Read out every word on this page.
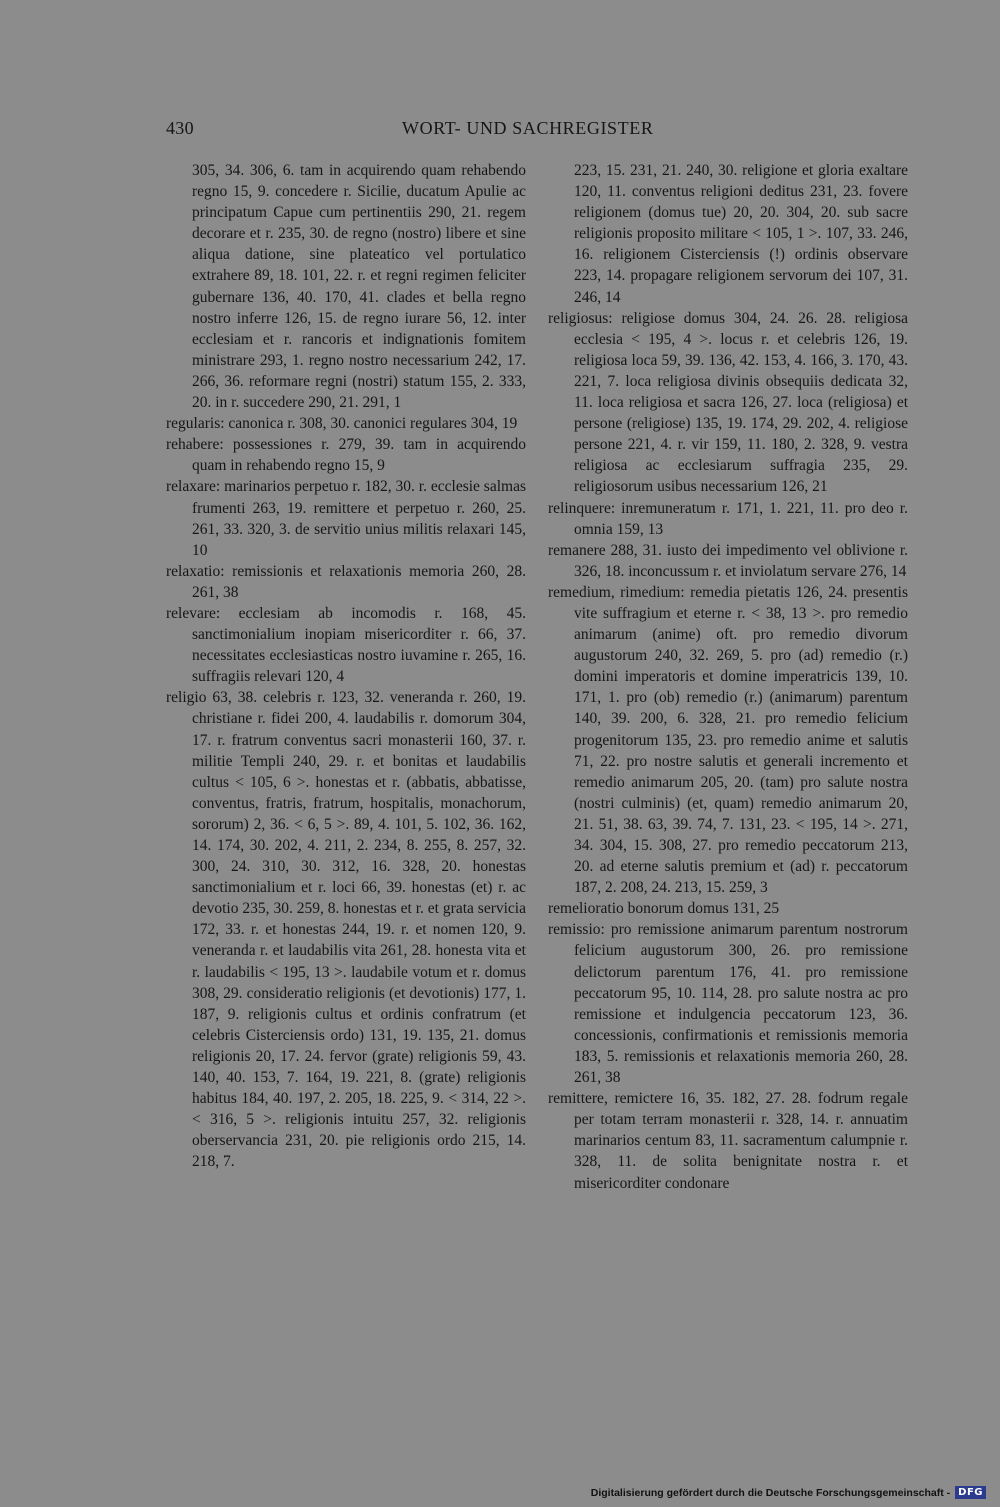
430	WORT- UND SACHREGISTER

305, 34. 306, 6. tam in acquirendo quam rehabendo regno 15, 9. concedere r. Sicilie, ducatum Apulie ac principatum Capue cum pertinentiis 290, 21. regem decorare et r. 235, 30. de regno (nostro) libere et sine aliqua datione, sine plateatico vel portulatico extrahere 89, 18. 101, 22. r. et regni regimen feliciter gubernare 136, 40. 170, 41. clades et bella regno nostro inferre 126, 15. de regno iurare 56, 12. inter ecclesiam et r. rancoris et indignationis fomitem ministrare 293, 1. regno nostro necessarium 242, 17. 266, 36. reformare regni (nostri) statum 155, 2. 333, 20. in r. succedere 290, 21. 291, 1

regularis: canonica r. 308, 30. canonici regulares 304, 19

rehabere: possessiones r. 279, 39. tam in acquirendo quam in rehabendo regno 15, 9

relaxare: marinarios perpetuo r. 182, 30. r. ecclesie salmas frumenti 263, 19. remittere et perpetuo r. 260, 25. 261, 33. 320, 3. de servitio unius militis relaxari 145, 10

relaxatio: remissionis et relaxationis memoria 260, 28. 261, 38

relevare: ecclesiam ab incomodis r. 168, 45. sanctimonialium inopiam misericorditer r. 66, 37. necessitates ecclesiasticas nostro iuvamine r. 265, 16. suffragiis relevari 120, 4

religio 63, 38. celebris r. 123, 32. veneranda r. 260, 19. christiane r. fidei 200, 4. laudabilis r. domorum 304, 17. r. fratrum conventus sacri monasterii 160, 37. r. militie Templi 240, 29. r. et bonitas et laudabilis cultus < 105, 6 >. honestas et r. (abbatis, abbatisse, conventus, fratris, fratrum, hospitalis, monachorum, sororum) 2, 36. < 6, 5 >. 89, 4. 101, 5. 102, 36. 162, 14. 174, 30. 202, 4. 211, 2. 234, 8. 255, 8. 257, 32. 300, 24. 310, 30. 312, 16. 328, 20. honestas sanctimonialium et r. loci 66, 39. honestas (et) r. ac devotio 235, 30. 259, 8. honestas et r. et grata servicia 172, 33. r. et honestas 244, 19. r. et nomen 120, 9. veneranda r. et laudabilis vita 261, 28. honesta vita et r. laudabilis < 195, 13 >. laudabile votum et r. domus 308, 29. consideratio religionis (et devotionis) 177, 1. 187, 9. religionis cultus et ordinis confratrum (et celebris Cisterciensis ordo) 131, 19. 135, 21. domus religionis 20, 17. 24. fervor (grate) religionis 59, 43. 140, 40. 153, 7. 164, 19. 221, 8. (grate) religionis habitus 184, 40. 197, 2. 205, 18. 225, 9. < 314, 22 >. < 316, 5 >. religionis intuitu 257, 32. religionis oberservancia 231, 20. pie religionis ordo 215, 14. 218, 7.

223, 15. 231, 21. 240, 30. religione et gloria exaltare 120, 11. conventus religioni deditus 231, 23. fovere religionem (domus tue) 20, 20. 304, 20. sub sacre religionis proposito militare < 105, 1 >. 107, 33. 246, 16. religionem Cisterciensis (!) ordinis observare 223, 14. propagare religionem servorum dei 107, 31. 246, 14

religiosus: religiose domus 304, 24. 26. 28. religiosa ecclesia < 195, 4 >. locus r. et celebris 126, 19. religiosa loca 59, 39. 136, 42. 153, 4. 166, 3. 170, 43. 221, 7. loca religiosa divinis obsequiis dedicata 32, 11. loca religiosa et sacra 126, 27. loca (religiosa) et persone (religiose) 135, 19. 174, 29. 202, 4. religiose persone 221, 4. r. vir 159, 11. 180, 2. 328, 9. vestra religiosa ac ecclesiarum suffragia 235, 29. religiosorum usibus necessarium 126, 21

relinquere: inremuneratum r. 171, 1. 221, 11. pro deo r. omnia 159, 13

remanere 288, 31. iusto dei impedimento vel oblivione r. 326, 18. inconcussum r. et inviolatum servare 276, 14

remedium, rimedium: remedia pietatis 126, 24. presentis vite suffragium et eterne r. < 38, 13 >. pro remedio animarum (anime) oft. pro remedio divorum augustorum 240, 32. 269, 5. pro (ad) remedio (r.) domini imperatoris et domine imperatricis 139, 10. 171, 1. pro (ob) remedio (r.) (animarum) parentum 140, 39. 200, 6. 328, 21. pro remedio felicium progenitorum 135, 23. pro remedio anime et salutis 71, 22. pro nostre salutis et generali incremento et remedio animarum 205, 20. (tam) pro salute nostra (nostri culminis) (et, quam) remedio animarum 20, 21. 51, 38. 63, 39. 74, 7. 131, 23. < 195, 14 >. 271, 34. 304, 15. 308, 27. pro remedio peccatorum 213, 20. ad eterne salutis premium et (ad) r. peccatorum 187, 2. 208, 24. 213, 15. 259, 3

remelioratio bonorum domus 131, 25

remissio: pro remissione animarum parentum nostrorum felicium augustorum 300, 26. pro remissione delictorum parentum 176, 41. pro remissione peccatorum 95, 10. 114, 28. pro salute nostra ac pro remissione et indulgencia peccatorum 123, 36. concessionis, confirmationis et remissionis memoria 183, 5. remissionis et relaxationis memoria 260, 28. 261, 38

remittere, remictere 16, 35. 182, 27. 28. fodrum regale per totam terram monasterii r. 328, 14. r. annuatim marinarios centum 83, 11. sacramentum calumpnie r. 328, 11. de solita benignitate nostra r. et misericorditer condonare

Digitalisierung gefördert durch die Deutsche Forschungsgemeinschaft - DFG
